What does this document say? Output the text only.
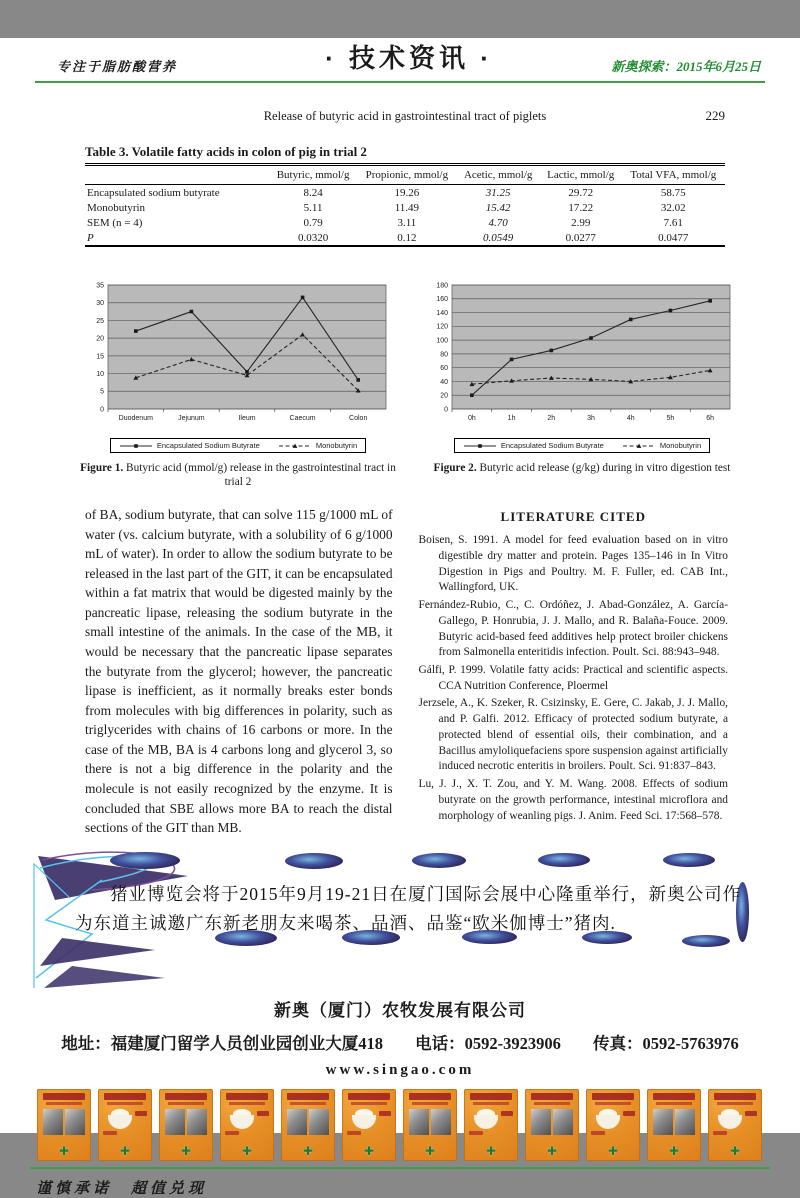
专注于脂肪酸营养	· 技术资讯 ·	新奥探索：2015年6月25日
Release of butyric acid in gastrointestinal tract of piglets	229
Table 3. Volatile fatty acids in colon of pig in trial 2
	Butyric, mmol/g	Propionic, mmol/g	Acetic, mmol/g	Lactic, mmol/g	Total VFA, mmol/g
Encapsulated sodium butyrate	8.24	19.26	31.25	29.72	58.75
Monobutyrin	5.11	11.49	15.42	17.22	32.02
SEM (n = 4)	0.79	3.11	4.70	2.99	7.61
P	0.0320	0.12	0.0549	0.0277	0.0477
0
5
10
15
20
25
30
35
Duodenum	Jejunum	Ileum	Caecum	Colon
Encapsulated Sodium Butyrate	Monobutyrin
Figure 1. Butyric acid (mmol/g) release in the gastrointestinal tract in trial 2
0
20
40
60
80
100
120
140
160
180
0h	1h	2h	3h	4h	5h	6h
Encapsulated Sodium Butyrate	Monobutyrin
Figure 2. Butyric acid release (g/kg) during in vitro digestion test
of BA, sodium butyrate, that can solve 115 g/1000 mL of water (vs. calcium butyrate, with a solubility of 6 g/1000 mL of water). In order to allow the sodium butyrate to be released in the last part of the GIT, it can be encapsulated within a fat matrix that would be digested mainly by the pancreatic lipase, releasing the sodium butyrate in the small intestine of the animals. In the case of the MB, it would be necessary that the pancreatic lipase separates the butyrate from the glycerol; however, the pancreatic lipase is inefficient, as it normally breaks ester bonds from molecules with big differences in polarity, such as triglycerides with chains of 16 carbons or more. In the case of the MB, BA is 4 carbons long and glycerol 3, so there is not a big difference in the polarity and the molecule is not easily recognized by the enzyme. It is concluded that SBE allows more BA to reach the distal sections of the GIT than MB.
LITERATURE CITED

Boisen, S. 1991. A model for feed evaluation based on in vitro digestible dry matter and protein. Pages 135–146 in In Vitro Digestion in Pigs and Poultry. M. F. Fuller, ed. CAB Int., Wallingford, UK.

Fernández-Rubio, C., C. Ordóñez, J. Abad-González, A. García-Gallego, P. Honrubia, J. J. Mallo, and R. Balaña-Fouce. 2009. Butyric acid-based feed additives help protect broiler chickens from Salmonella enteritidis infection. Poult. Sci. 88:943–948.

Gálfi, P. 1999. Volatile fatty acids: Practical and scientific aspects. CCA Nutrition Conference, Ploermel

Jerzsele, A., K. Szeker, R. Csizinsky, E. Gere, C. Jakab, J. J. Mallo, and P. Galfi. 2012. Efficacy of protected sodium butyrate, a protected blend of essential oils, their combination, and a Bacillus amyloliquefaciens spore suspension against artificially induced necrotic enteritis in broilers. Poult. Sci. 91:837–843.

Lu, J. J., X. T. Zou, and Y. M. Wang. 2008. Effects of sodium butyrate on the growth performance, intestinal microflora and morphology of weanling pigs. J. Anim. Feed Sci. 17:568–578.

猪业博览会将于2015年9月19-21日在厦门国际会展中心隆重举行，新奥公司作为东道主诚邀广东新老朋友来喝茶、品酒、品鉴“欧米伽博士”猪肉.
新奥（厦门）农牧发展有限公司
地址：福建厦门留学人员创业园创业大厦418 电话：0592-3923906 传真：0592-5763976
www.singao.com
✚	✚	✚	✚	✚	✚	✚	✚	✚	✚	✚	✚
谨慎承诺　超值兑现
